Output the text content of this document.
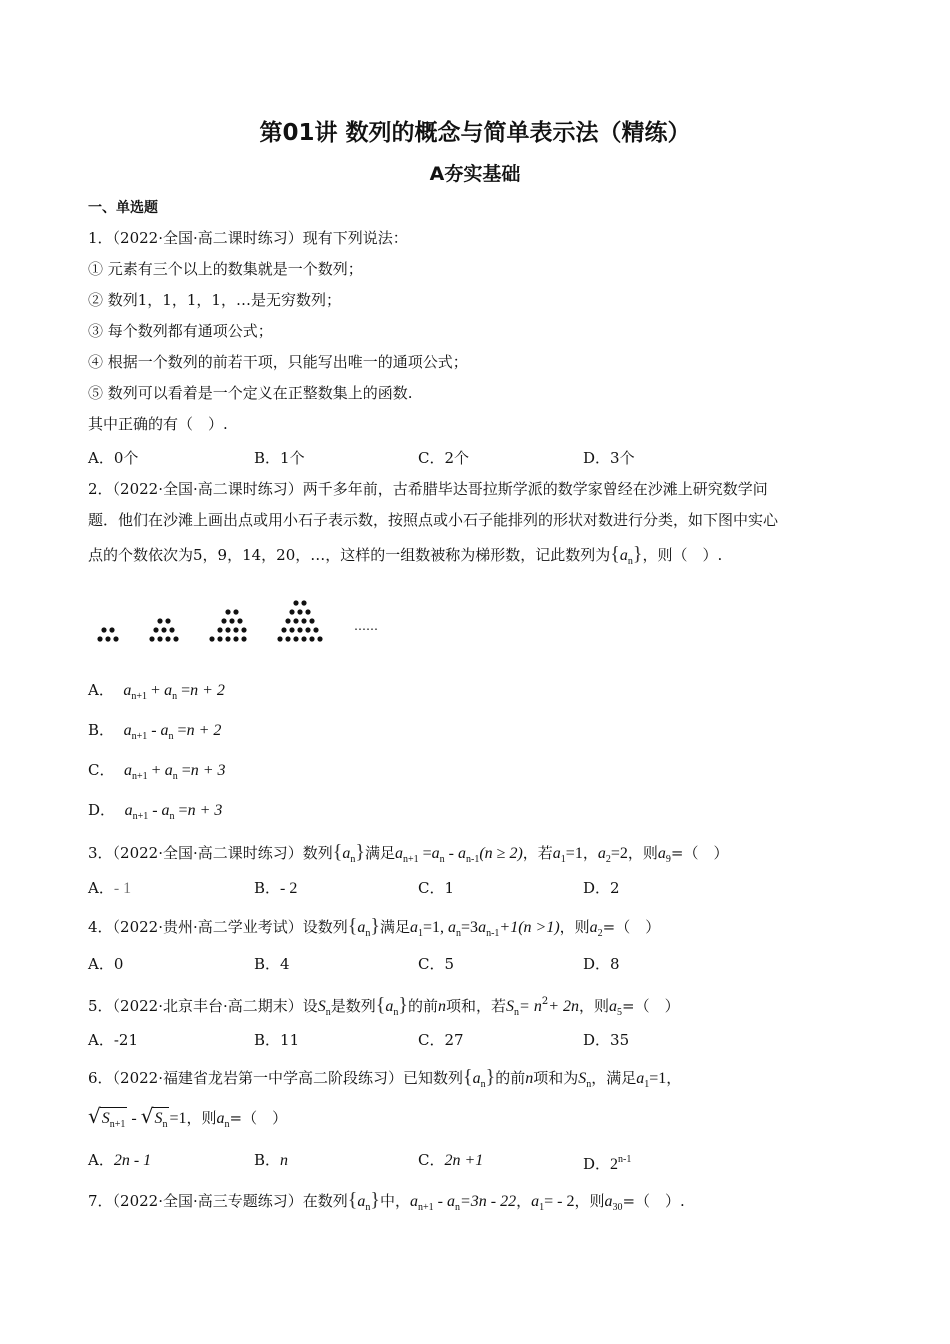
第01讲 数列的概念与简单表示法（精练）
A夯实基础
一、单选题
1．（2022·全国·高二课时练习）现有下列说法：
① 元素有三个以上的数集就是一个数列；
② 数列1，1，1，1，…是无穷数列；
③ 每个数列都有通项公式；
④ 根据一个数列的前若干项，只能写出唯一的通项公式；
⑤ 数列可以看着是一个定义在正整数集上的函数.
其中正确的有（　）.
A．0个	B．1个	C．2个	D．3个
2．（2022·全国·高二课时练习）两千多年前，古希腊毕达哥拉斯学派的数学家曾经在沙滩上研究数学问
题．他们在沙滩上画出点或用小石子表示数，按照点或小石子能排列的形状对数进行分类，如下图中实心
点的个数依次为5，9，14，20，…，这样的一组数被称为梯形数，记此数列为$\{a_n\}$，则（　）.
……
A． $a_{n+1} + a_n =n + 2$
B． $a_{n+1} - a_n =n + 2$
C． $a_{n+1} + a_n =n + 3$
D． $a_{n+1} - a_n =n + 3$
3．（2022·全国·高二课时练习）数列$\{a_n\}$满足$a_{n+1} =a_n - a_{n-1}(n \ge 2)$，若$a_1=1$，$a_2=2$，则$a_9=$（　）
A．- 1	B．- 2	C．1	D．2
4．（2022·贵州·高二学业考试）设数列$\{a_n\}$满足$a_1=1$, $a_n=3a_{n-1}+1(n >1)$，则$a_2=$（　）
A．0	B．4	C．5	D．8
5．（2022·北京丰台·高二期末）设$S_n$是数列$\{a_n\}$的前n项和，若$S_n= n^2+ 2n$，则$a_5=$（　）
A．-21	B．11	C．27	D．35
6．（2022·福建省龙岩第一中学高二阶段练习）已知数列$\{a_n\}$的前n项和为$S_n$，满足$a_1=1$，
$√S_{n+1} - √S_n =1$，则$a_n=$（　）
A．2n - 1	B．n	C．2n +1	D．2$^{n-1}$
7．（2022·全国·高三专题练习）在数列$\{a_n\}$中，$a_{n+1} - a_n=3n - 22$，$a_1= - 2$，则$a_{30}=$（　）.
